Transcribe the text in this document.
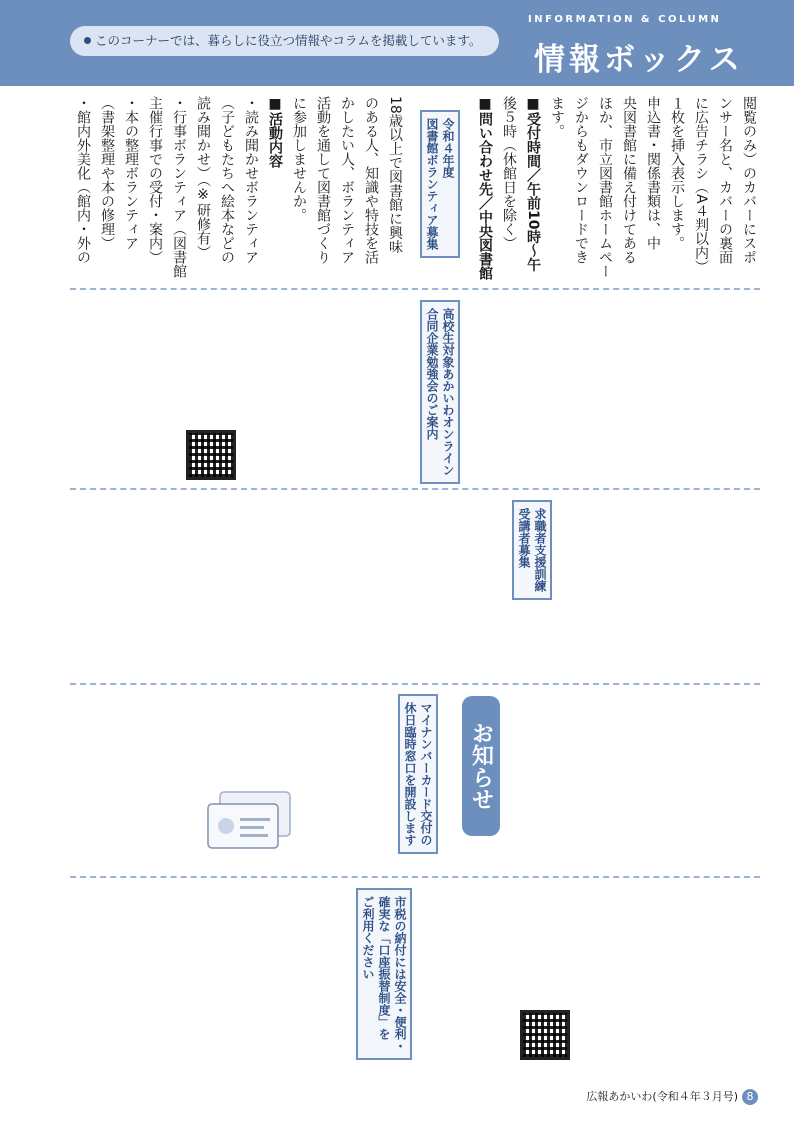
このコーナーでは、暮らしに役立つ情報やコラムを掲載しています。
INFORMATION & COLUMN
情報ボックス
閲覧のみ）のカバーにスポ
ンサー名と、カバーの裏面
に広告チラシ（A４判以内）
１枚を挿入表示します。
申込書・関係書類は、中
央図書館に備え付けてある
ほか、市立図書館ホームペー
ジからもダウンロードでき
ます。
■受付時間／午前10時～午
後５時（休館日を除く）
■問い合わせ先／中央図書館
令和４年度
図書館ボランティア募集
18歳以上で図書館に興味
のある人、知識や特技を活
かしたい人、ボランティア
活動を通して図書館づくり
に参加しませんか。
■活動内容
・読み聞かせボランティア
（子どもたちへ絵本などの
読み聞かせ）（※研修有）
・行事ボランティア（図書館
主催行事での受付・案内）
・本の整理ボランティア
（書架整理や本の修理）
・館内外美化（館内・外の
高校生対象あかいわオンライン
合同企業勉強会のご案内
求職者支援訓練
受講者募集
お知らせ
マイナンバーカード交付の
休日臨時窓口を開設します
市税の納付には安全・便利・
確実な「口座振替制度」を
ご利用ください
広報あかいわ(令和４年３月号) 8
